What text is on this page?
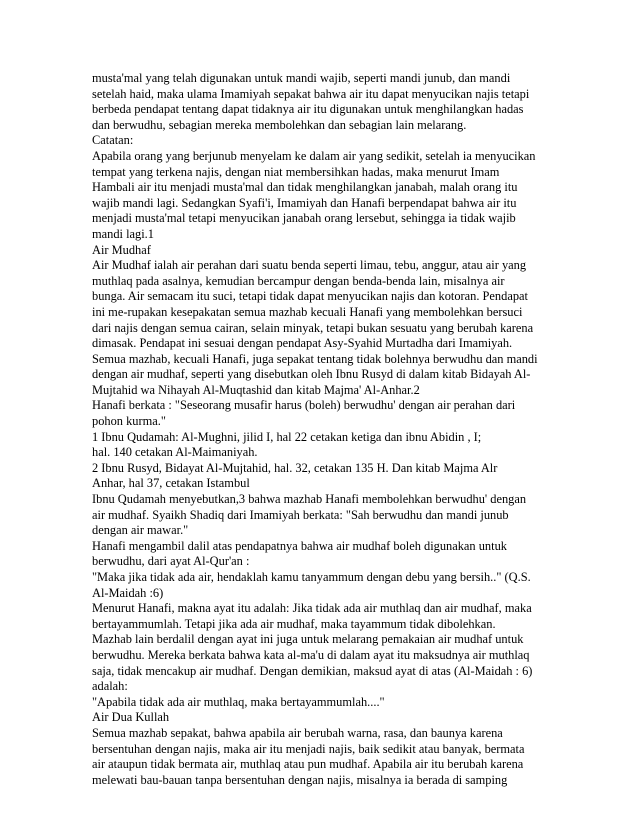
musta'mal yang telah digunakan untuk mandi wajib, seperti mandi junub, dan mandi
setelah haid, maka ulama Imamiyah sepakat bahwa air itu dapat menyucikan najis tetapi
berbeda pendapat tentang dapat tidaknya air itu digunakan untuk menghilangkan hadas
dan berwudhu, sebagian mereka membolehkan dan sebagian lain melarang.
Catatan:
Apabila orang yang berjunub menyelam ke dalam air yang sedikit, setelah ia menyucikan
tempat yang terkena najis, dengan niat membersihkan hadas, maka menurut Imam
Hambali air itu menjadi musta'mal dan tidak menghilangkan janabah, malah orang itu
wajib mandi lagi. Sedangkan Syafi'i, Imamiyah dan Hanafi berpendapat bahwa air itu
menjadi musta'mal tetapi menyucikan janabah orang lersebut, sehingga ia tidak wajib
mandi lagi.1
Air Mudhaf
Air Mudhaf ialah air perahan dari suatu benda seperti limau, tebu, anggur, atau air yang
muthlaq pada asalnya, kemudian bercampur dengan benda-benda lain, misalnya air
bunga. Air semacam itu suci, tetapi tidak dapat menyucikan najis dan kotoran. Pendapat
ini me-rupakan kesepakatan semua mazhab kecuali Hanafi yang membolehkan bersuci
dari najis dengan semua cairan, selain minyak, tetapi bukan sesuatu yang berubah karena
dimasak. Pendapat ini sesuai dengan pendapat Asy-Syahid Murtadha dari Imamiyah.
Semua mazhab, kecuali Hanafi, juga sepakat tentang tidak bolehnya berwudhu dan mandi
dengan air mudhaf, seperti yang disebutkan oleh Ibnu Rusyd di dalam kitab Bidayah Al-
Mujtahid wa Nihayah Al-Muqtashid dan kitab Majma' Al-Anhar.2
Hanafi berkata : "Seseorang musafir harus (boleh) berwudhu' dengan air perahan dari
pohon kurma."
1 Ibnu Qudamah: Al-Mughni, jilid I, hal 22 cetakan ketiga dan ibnu Abidin , I;
hal. 140 cetakan Al-Maimaniyah.
2 Ibnu Rusyd, Bidayat Al-Mujtahid, hal. 32, cetakan 135 H. Dan kitab Majma Alr
Anhar, hal 37, cetakan Istambul
Ibnu Qudamah menyebutkan,3 bahwa mazhab Hanafi membolehkan berwudhu' dengan
air mudhaf. Syaikh Shadiq dari Imamiyah berkata: "Sah berwudhu dan mandi junub
dengan air mawar."
Hanafi mengambil dalil atas pendapatnya bahwa air mudhaf boleh digunakan untuk
berwudhu, dari ayat Al-Qur'an :
"Maka jika tidak ada air, hendaklah kamu tanyammum dengan debu yang bersih.." (Q.S.
Al-Maidah :6)
Menurut Hanafi, makna ayat itu adalah: Jika tidak ada air muthlaq dan air mudhaf, maka
bertayammumlah. Tetapi jika ada air mudhaf, maka tayammum tidak dibolehkan.
Mazhab lain berdalil dengan ayat ini juga untuk melarang pemakaian air mudhaf untuk
berwudhu. Mereka berkata bahwa kata al-ma'u di dalam ayat itu maksudnya air muthlaq
saja, tidak mencakup air mudhaf. Dengan demikian, maksud ayat di atas (Al-Maidah : 6)
adalah:
"Apabila tidak ada air muthlaq, maka bertayammumlah...."
Air Dua Kullah
Semua mazhab sepakat, bahwa apabila air berubah warna, rasa, dan baunya karena
bersentuhan dengan najis, maka air itu menjadi najis, baik sedikit atau banyak, bermata
air ataupun tidak bermata air, muthlaq atau pun mudhaf. Apabila air itu berubah karena
melewati bau-bauan tanpa bersentuhan dengan najis, misalnya ia berada di samping
